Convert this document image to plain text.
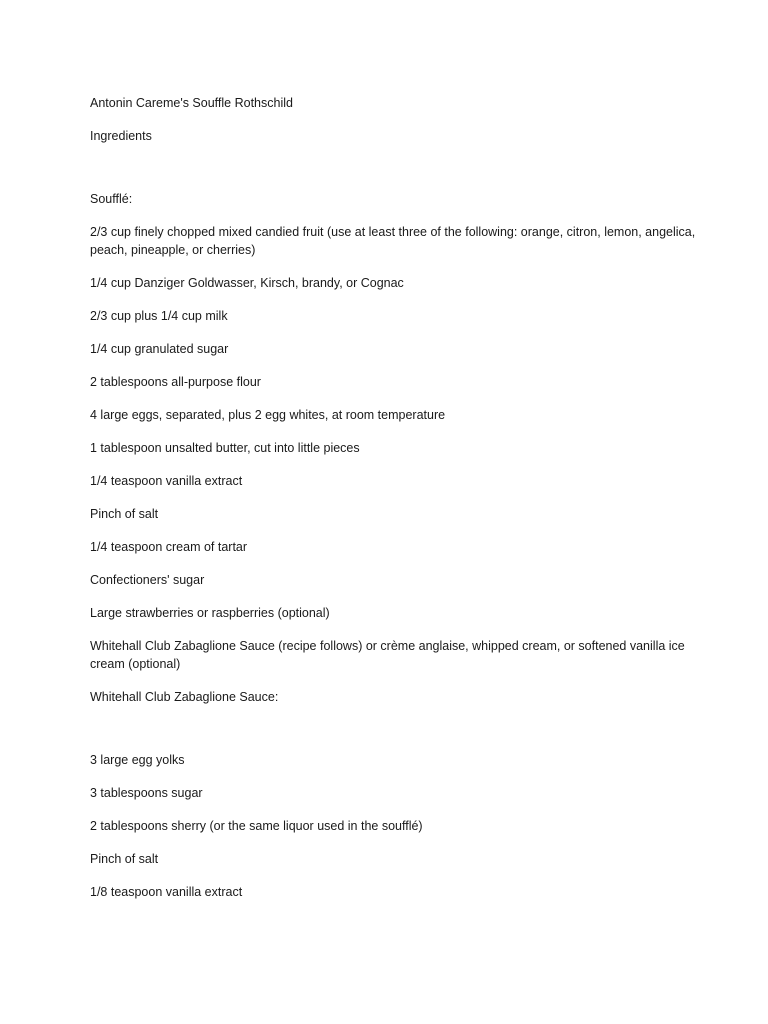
Antonin Careme's Souffle Rothschild
Ingredients
Soufflé:
2/3 cup finely chopped mixed candied fruit (use at least three of the following: orange, citron, lemon, angelica, peach, pineapple, or cherries)
1/4 cup Danziger Goldwasser, Kirsch, brandy, or Cognac
2/3 cup plus 1/4 cup milk
1/4 cup granulated sugar
2 tablespoons all-purpose flour
4 large eggs, separated, plus 2 egg whites, at room temperature
1 tablespoon unsalted butter, cut into little pieces
1/4 teaspoon vanilla extract
Pinch of salt
1/4 teaspoon cream of tartar
Confectioners' sugar
Large strawberries or raspberries (optional)
Whitehall Club Zabaglione Sauce (recipe follows) or crème anglaise, whipped cream, or softened vanilla ice cream (optional)
Whitehall Club Zabaglione Sauce:
3 large egg yolks
3 tablespoons sugar
2 tablespoons sherry (or the same liquor used in the soufflé)
Pinch of salt
1/8 teaspoon vanilla extract
